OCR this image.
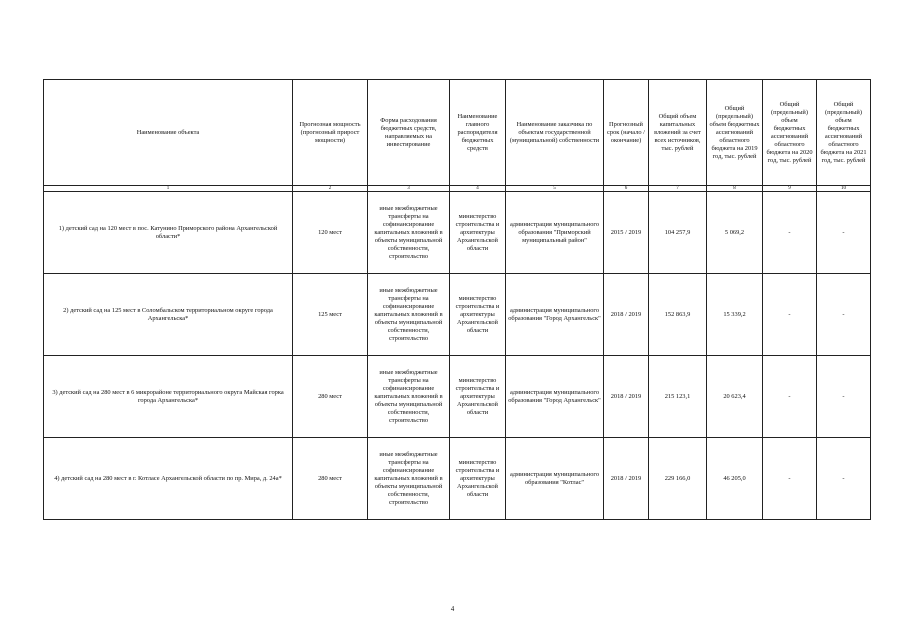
Наименование объекта	Прогнозная мощность (прогнозный прирост мощности)	Форма расходования бюджетных средств, направляемых на инвестирование	Наименование главного распорядителя бюджетных средств	Наименование заказчика по объектам государственной (муниципальной) собственности	Прогнозный срок (начало / окончание)	Общий объем капитальных вложений за счет всех источников, тыс. рублей	Общий (предельный) объем бюджетных ассигнований областного бюджета на 2019 год, тыс. рублей	Общий (предельный) объем бюджетных ассигнований областного бюджета на 2020 год, тыс. рублей	Общий (предельный) объем бюджетных ассигнований областного бюджета на 2021 год, тыс. рублей
1	2	3	4	5	6	7	8	9	10
1) детский сад на 120 мест в пос. Катунино Приморского района Архангельской области*	120 мест	иные межбюджетные трансферты на софинансирование капитальных вложений в объекты муниципальной собственности, строительство	министерство строительства и архитектуры Архангельской области	администрация муниципального образования "Приморский муниципальный район"	2015 / 2019	104 257,9	5 069,2	-	-
2) детский сад на 125 мест в Соломбальском территориальном округе города Архангельска*	125 мест	иные межбюджетные трансферты на софинансирование капитальных вложений в объекты муниципальной собственности, строительство	министерство строительства и архитектуры Архангельской области	администрация муниципального образования "Город Архангельск"	2018 / 2019	152 863,9	15 339,2	-	-
3) детский сад на 280 мест в 6 микрорайоне территориального округа Майская горка города Архангельска*	280 мест	иные межбюджетные трансферты на софинансирование капитальных вложений в объекты муниципальной собственности, строительство	министерство строительства и архитектуры Архангельской области	администрация муниципального образования "Город Архангельск"	2018 / 2019	215 123,1	20 623,4	-	-
4) детский сад на 280 мест в г. Котласе Архангельской области по пр. Мира, д. 24а*	280 мест	иные межбюджетные трансферты на софинансирование капитальных вложений в объекты муниципальной собственности, строительство	министерство строительства и архитектуры Архангельской области	администрация муниципального образования "Котлас"	2018 / 2019	229 166,0	46 205,0	-	-
4
